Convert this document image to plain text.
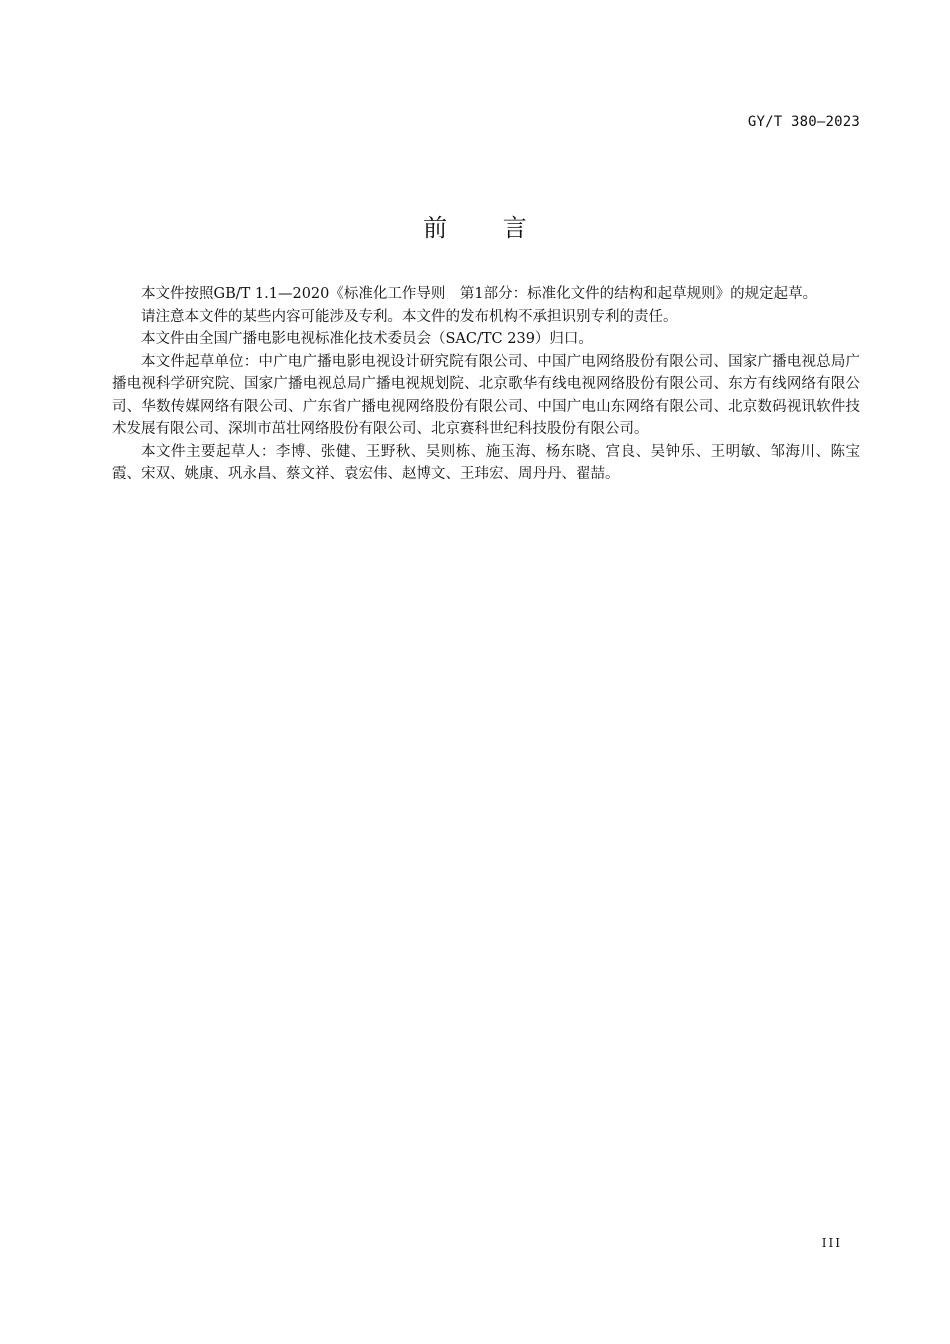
GY/T 380—2023
前 言

本文件按照GB/T 1.1—2020《标准化工作导则　第1部分：标准化文件的结构和起草规则》的规定起草。

请注意本文件的某些内容可能涉及专利。本文件的发布机构不承担识别专利的责任。

本文件由全国广播电影电视标准化技术委员会（SAC/TC 239）归口。

本文件起草单位：中广电广播电影电视设计研究院有限公司、中国广电网络股份有限公司、国家广播电视总局广播电视科学研究院、国家广播电视总局广播电视规划院、北京歌华有线电视网络股份有限公司、东方有线网络有限公司、华数传媒网络有限公司、广东省广播电视网络股份有限公司、中国广电山东网络有限公司、北京数码视讯软件技术发展有限公司、深圳市茁壮网络股份有限公司、北京赛科世纪科技股份有限公司。

本文件主要起草人：李博、张健、王野秋、吴则栋、施玉海、杨东晓、宫良、吴钟乐、王明敏、邹海川、陈宝霞、宋双、姚康、巩永昌、蔡文祥、袁宏伟、赵博文、王玮宏、周丹丹、翟喆。

III
